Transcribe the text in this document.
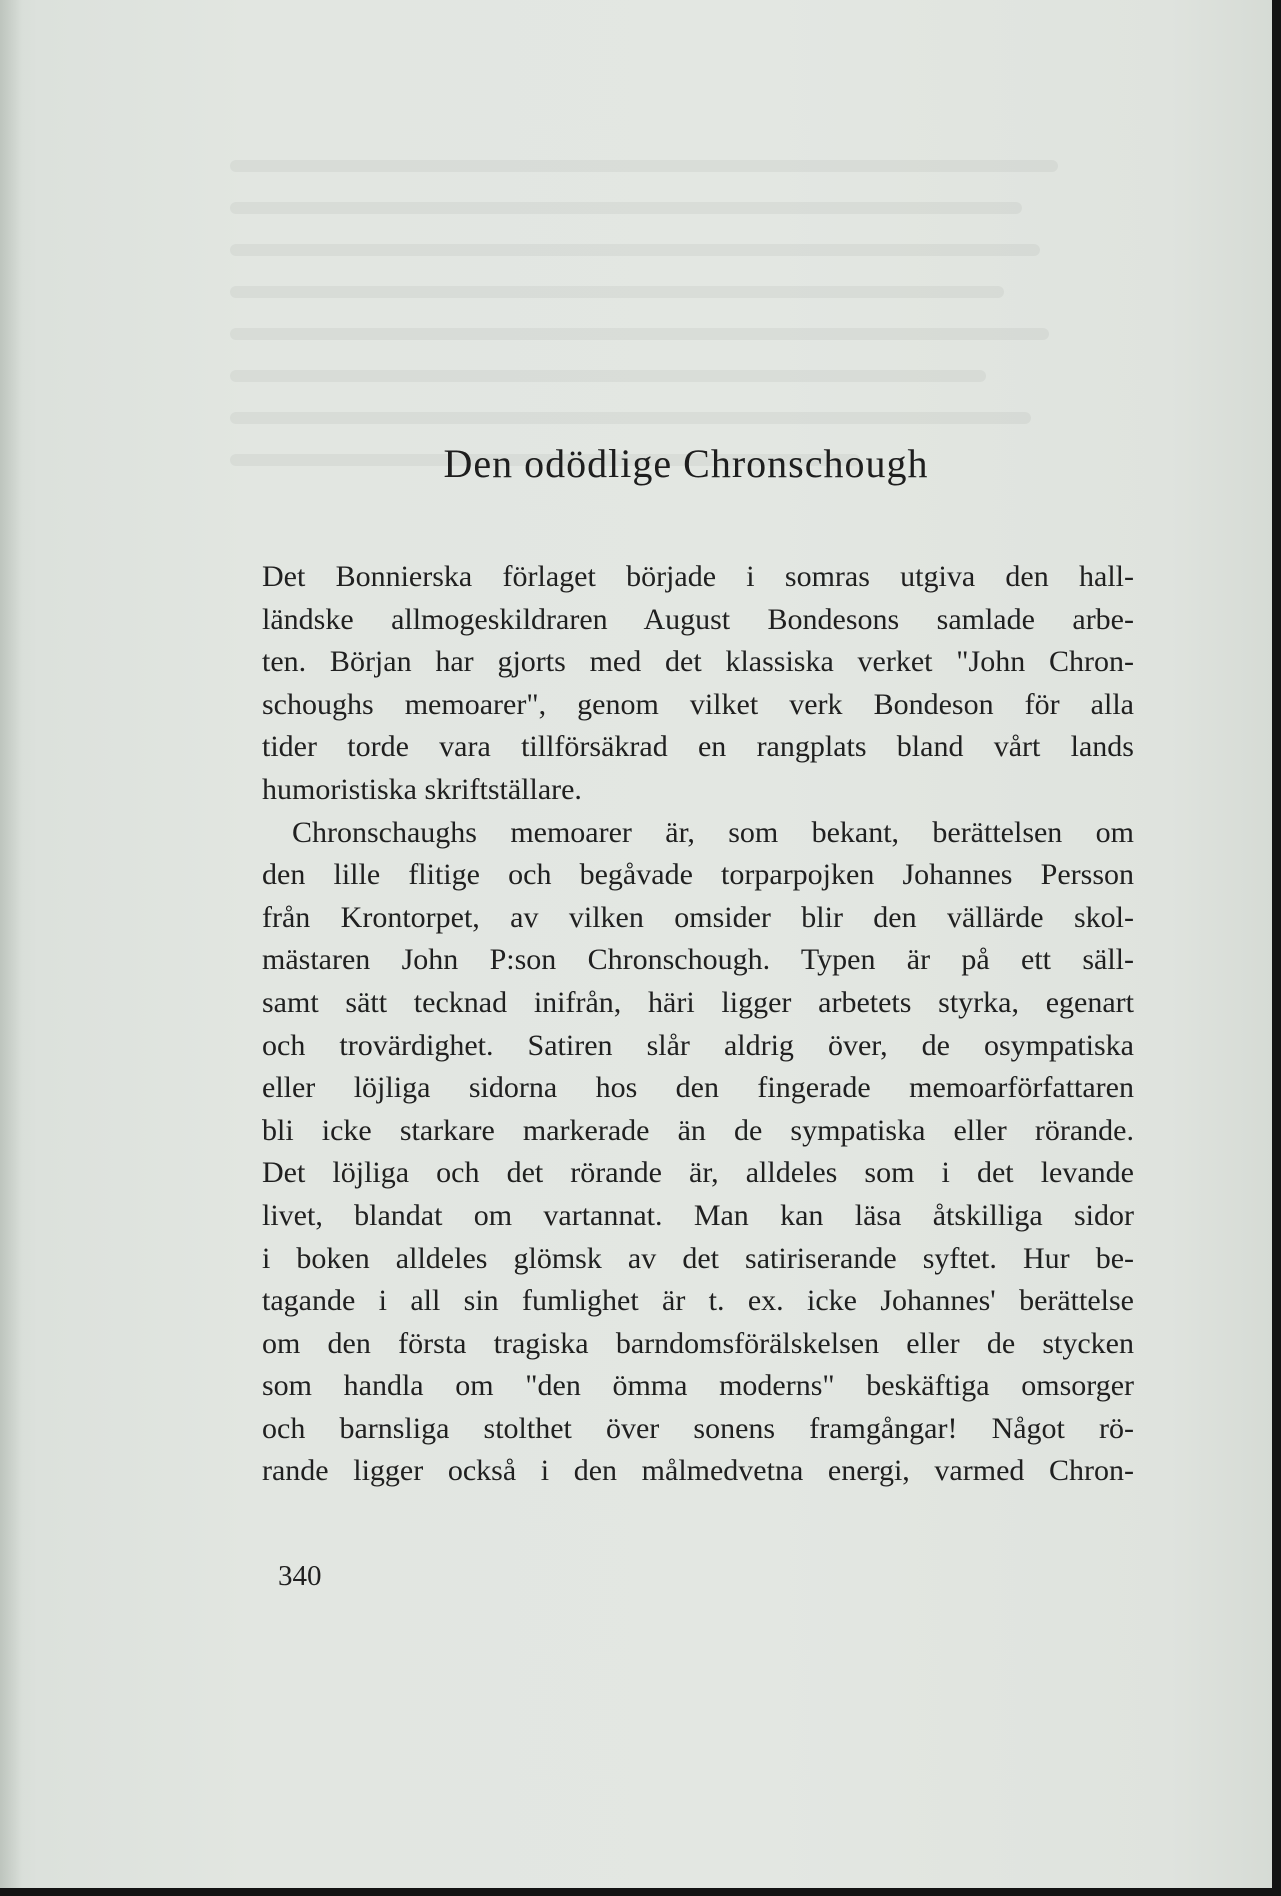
Den odödlige Chronschough

Det Bonnierska förlaget började i somras utgiva den hall-
ländske allmogeskildraren August Bondesons samlade arbe-
ten. Början har gjorts med det klassiska verket "John Chron-
schoughs memoarer", genom vilket verk Bondeson för alla
tider torde vara tillförsäkrad en rangplats bland vårt lands
humoristiska skriftställare.

Chronschaughs memoarer är, som bekant, berättelsen om
den lille flitige och begåvade torparpojken Johannes Persson
från Krontorpet, av vilken omsider blir den vällärde skol-
mästaren John P:son Chronschough. Typen är på ett säll-
samt sätt tecknad inifrån, häri ligger arbetets styrka, egenart
och trovärdighet. Satiren slår aldrig över, de osympatiska
eller löjliga sidorna hos den fingerade memoarförfattaren
bli icke starkare markerade än de sympatiska eller rörande.
Det löjliga och det rörande är, alldeles som i det levande
livet, blandat om vartannat. Man kan läsa åtskilliga sidor
i boken alldeles glömsk av det satiriserande syftet. Hur be-
tagande i all sin fumlighet är t. ex. icke Johannes' berättelse
om den första tragiska barndomsförälskelsen eller de stycken
som handla om "den ömma moderns" beskäftiga omsorger
och barnsliga stolthet över sonens framgångar! Något rö-
rande ligger också i den målmedvetna energi, varmed Chron-

340
